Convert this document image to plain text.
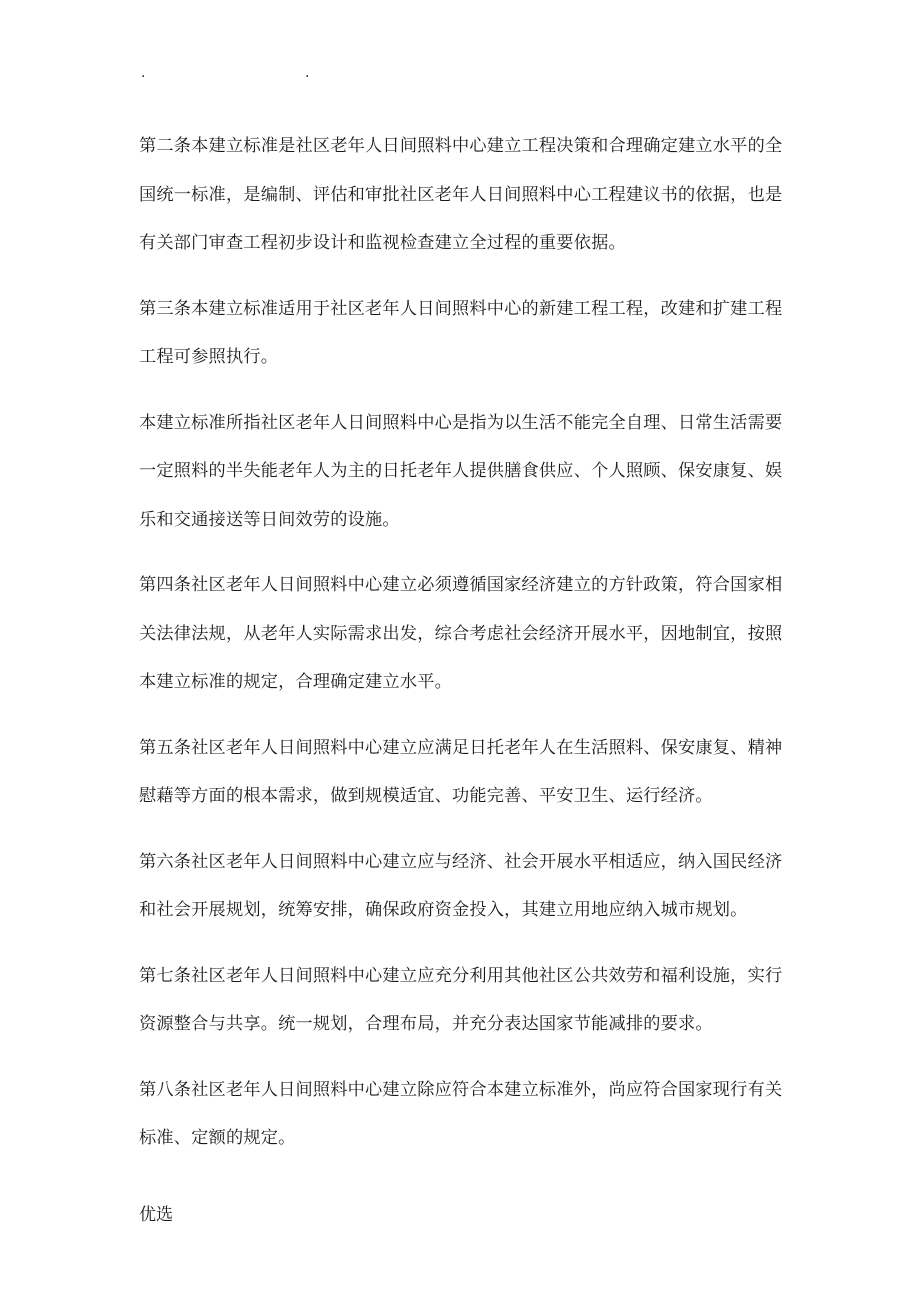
.	.

第二条本建立标准是社区老年人日间照料中心建立工程决策和合理确定建立水平的全国统一标准，是编制、评估和审批社区老年人日间照料中心工程建议书的依据，也是有关部门审查工程初步设计和监视检查建立全过程的重要依据。

第三条本建立标准适用于社区老年人日间照料中心的新建工程工程，改建和扩建工程工程可参照执行。

本建立标准所指社区老年人日间照料中心是指为以生活不能完全自理、日常生活需要一定照料的半失能老年人为主的日托老年人提供膳食供应、个人照顾、保安康复、娱乐和交通接送等日间效劳的设施。

第四条社区老年人日间照料中心建立必须遵循国家经济建立的方针政策，符合国家相关法律法规，从老年人实际需求出发，综合考虑社会经济开展水平，因地制宜，按照本建立标准的规定，合理确定建立水平。

第五条社区老年人日间照料中心建立应满足日托老年人在生活照料、保安康复、精神慰藉等方面的根本需求，做到规模适宜、功能完善、平安卫生、运行经济。

第六条社区老年人日间照料中心建立应与经济、社会开展水平相适应，纳入国民经济和社会开展规划，统筹安排，确保政府资金投入，其建立用地应纳入城市规划。

第七条社区老年人日间照料中心建立应充分利用其他社区公共效劳和福利设施，实行资源整合与共享。统一规划，合理布局，并充分表达国家节能减排的要求。

第八条社区老年人日间照料中心建立除应符合本建立标准外，尚应符合国家现行有关标准、定额的规定。

优选
